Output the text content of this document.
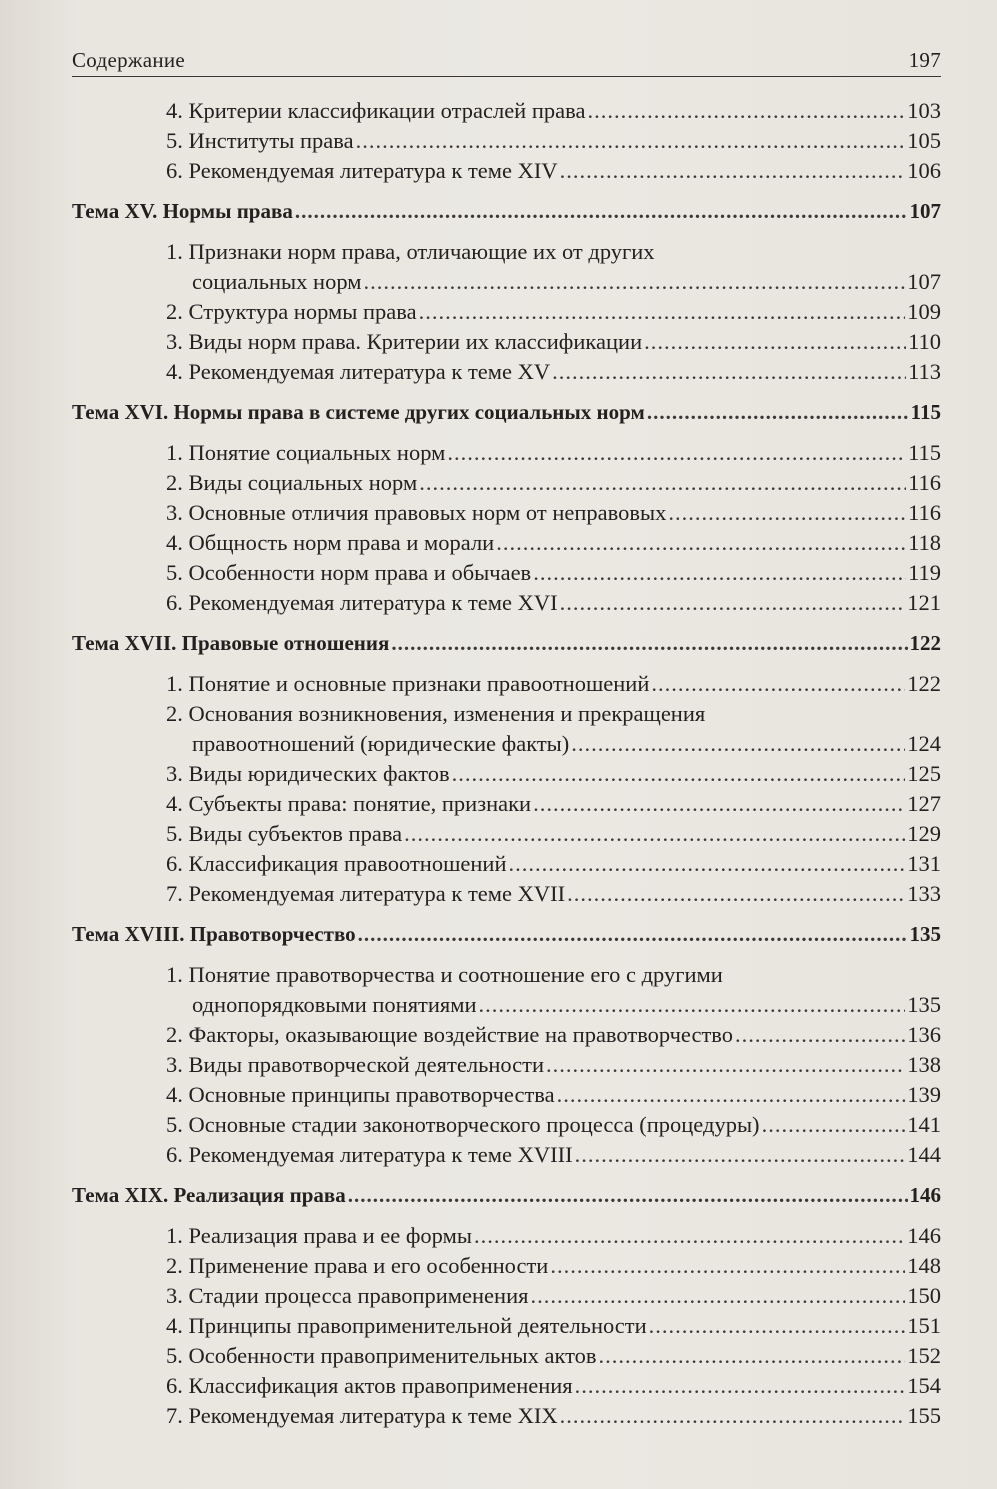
Содержание	197
4. Критерии классификации отраслей права .....	103
5. Институты права .....	105
6. Рекомендуемая литература к теме XIV .....	106
Тема XV. Нормы права .....	107
1. Признаки норм права, отличающие их от других
социальных норм .....	107
2. Структура нормы права .....	109
3. Виды норм права. Критерии их классификации .....	110
4. Рекомендуемая литература к теме XV .....	113
Тема XVI. Нормы права в системе других социальных норм .....	115
1. Понятие социальных норм .....	115
2. Виды социальных норм .....	116
3. Основные отличия правовых норм от неправовых .....	116
4. Общность норм права и морали .....	118
5. Особенности норм права и обычаев .....	119
6. Рекомендуемая литература к теме XVI .....	121
Тема XVII. Правовые отношения .....	122
1. Понятие и основные признаки правоотношений .....	122
2. Основания возникновения, изменения и прекращения
правоотношений (юридические факты) .....	124
3. Виды юридических фактов .....	125
4. Субъекты права: понятие, признаки .....	127
5. Виды субъектов права .....	129
6. Классификация правоотношений .....	131
7. Рекомендуемая литература к теме XVII .....	133
Тема XVIII. Правотворчество .....	135
1. Понятие правотворчества и соотношение его с другими
однопорядковыми понятиями .....	135
2. Факторы, оказывающие воздействие на правотворчество .....	136
3. Виды правотворческой деятельности .....	138
4. Основные принципы правотворчества .....	139
5. Основные стадии законотворческого процесса (процедуры) .....	141
6. Рекомендуемая литература к теме XVIII .....	144
Тема XIX. Реализация права .....	146
1. Реализация права и ее формы .....	146
2. Применение права и его особенности .....	148
3. Стадии процесса правоприменения .....	150
4. Принципы правоприменительной деятельности .....	151
5. Особенности правоприменительных актов .....	152
6. Классификация актов правоприменения .....	154
7. Рекомендуемая литература к теме XIX .....	155
